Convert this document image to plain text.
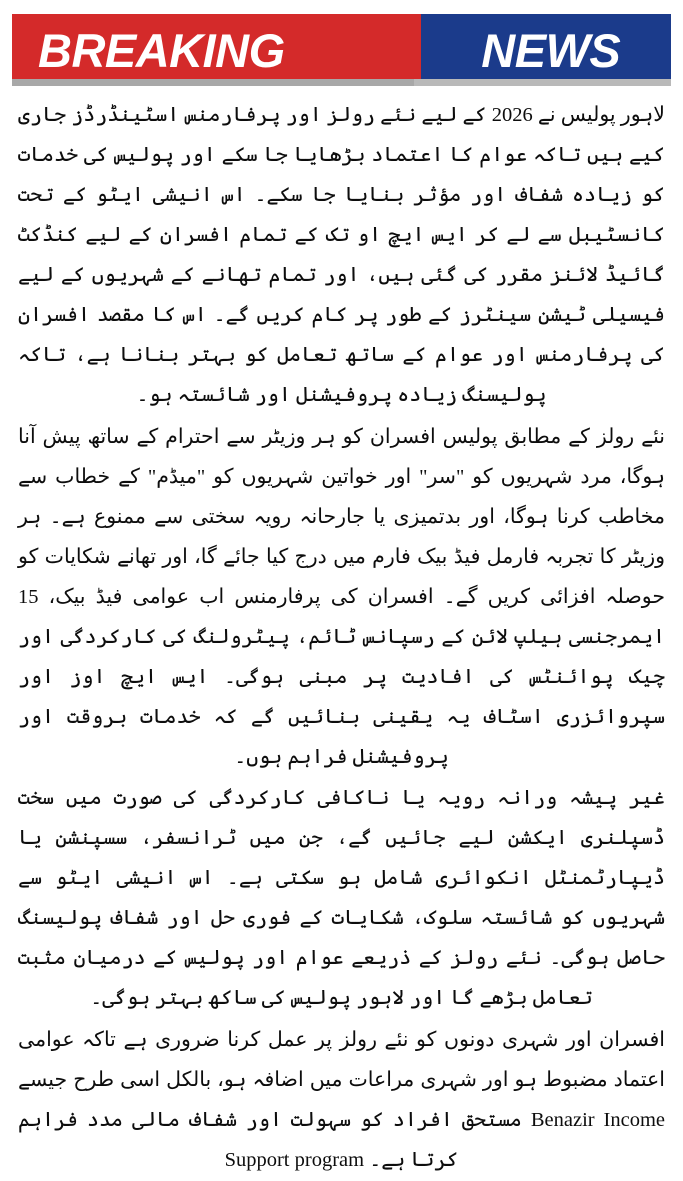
BREAKING	NEWS

لاہور پولیس نے 2026 کے لیے نئے رولز اور پرفارمنس اسٹینڈرڈز جاری کیے ہیں تاکہ عوام کا اعتماد بڑھایا جا سکے اور پولیس کی خدمات کو زیادہ شفاف اور مؤثر بنایا جا سکے۔ اس انیشی ایٹو کے تحت کانسٹیبل سے لے کر ایس ایچ او تک کے تمام افسران کے لیے کنڈکٹ گائیڈ لائنز مقرر کی گئی ہیں، اور تمام تھانے کے شہریوں کے لیے فیسیلی ٹیشن سینٹرز کے طور پر کام کریں گے۔ اس کا مقصد افسران کی پرفارمنس اور عوام کے ساتھ تعامل کو بہتر بنانا ہے، تاکہ پولیسنگ زیادہ پروفیشنل اور شائستہ ہو۔

نئے رولز کے مطابق پولیس افسران کو ہر وزیٹر سے احترام کے ساتھ پیش آنا ہوگا، مرد شہریوں کو "سر" اور خواتین شہریوں کو "میڈم" کے خطاب سے مخاطب کرنا ہوگا، اور بدتمیزی یا جارحانہ رویہ سختی سے ممنوع ہے۔ ہر وزیٹر کا تجربہ فارمل فیڈ بیک فارم میں درج کیا جائے گا، اور تھانے شکایات کو حوصلہ افزائی کریں گے۔ افسران کی پرفارمنس اب عوامی فیڈ بیک، 15 ایمرجنسی ہیلپ لائن کے رسپانس ٹائم، پیٹرولنگ کی کارکردگی اور چیک پوائنٹس کی افادیت پر مبنی ہوگی۔ ایس ایچ اوز اور سپروائزری اسٹاف یہ یقینی بنائیں گے کہ خدمات بروقت اور پروفیشنل فراہم ہوں۔

غیر پیشہ ورانہ رویہ یا ناکافی کارکردگی کی صورت میں سخت ڈسپلنری ایکشن لیے جائیں گے، جن میں ٹرانسفر، سسپنشن یا ڈیپارٹمنٹل انکوائری شامل ہو سکتی ہے۔ اس انیشی ایٹو سے شہریوں کو شائستہ سلوک، شکایات کے فوری حل اور شفاف پولیسنگ حاصل ہوگی۔ نئے رولز کے ذریعے عوام اور پولیس کے درمیان مثبت تعامل بڑھے گا اور لاہور پولیس کی ساکھ بہتر ہوگی۔

افسران اور شہری دونوں کو نئے رولز پر عمل کرنا ضروری ہے تاکہ عوامی اعتماد مضبوط ہو اور شہری مراعات میں اضافہ ہو، بالکل اسی طرح جیسے Benazir Income مستحق افراد کو سہولت اور شفاف مالی مدد فراہم کرتا ہے۔ Support program
